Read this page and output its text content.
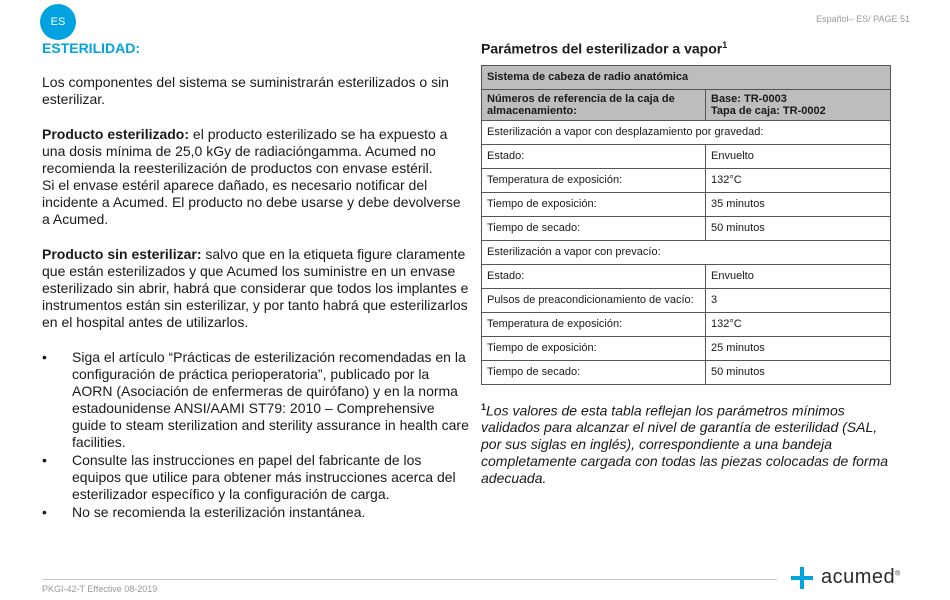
ES	Español– ES/ PAGE 51
ESTERILIDAD:
Los componentes del sistema se suministrarán esterilizados o sin esterilizar.
Producto esterilizado: el producto esterilizado se ha expuesto a una dosis mínima de 25,0 kGy de radiacióngamma. Acumed no recomienda la reesterilización de productos con envase estéril.
Si el envase estéril aparece dañado, es necesario notificar del incidente a Acumed. El producto no debe usarse y debe devolverse a Acumed.
Producto sin esterilizar: salvo que en la etiqueta figure claramente que están esterilizados y que Acumed los suministre en un envase esterilizado sin abrir, habrá que considerar que todos los implantes e instrumentos están sin esterilizar, y por tanto habrá que esterilizarlos en el hospital antes de utilizarlos.
• Siga el artículo “Prácticas de esterilización recomendadas en la configuración de práctica perioperatoria”, publicado por la AORN (Asociación de enfermeras de quirófano) y en la norma estadounidense ANSI/AAMI ST79: 2010 – Comprehensive guide to steam sterilization and sterility assurance in health care facilities.
• Consulte las instrucciones en papel del fabricante de los equipos que utilice para obtener más instrucciones acerca del esterilizador específico y la configuración de carga.
• No se recomienda la esterilización instantánea.
Parámetros del esterilizador a vapor$^1$
Sistema de cabeza de radio anatómica	
Números de referencia de la caja de almacenamiento:	Base: TR-0003
Tapa de caja: TR-0002
Esterilización a vapor con desplazamiento por gravedad:	
Estado:	Envuelto
Temperatura de exposición:	132°C
Tiempo de exposición:	35 minutos
Tiempo de secado:	50 minutos
Esterilización a vapor con prevacío:	
Estado:	Envuelto
Pulsos de preacondicionamiento de vacío:	3
Temperatura de exposición:	132°C
Tiempo de exposición:	25 minutos
Tiempo de secado:	50 minutos
$^1$Los valores de esta tabla reflejan los parámetros mínimos validados para alcanzar el nivel de garantía de esterilidad (SAL, por sus siglas en inglés), correspondiente a una bandeja completamente cargada con todas las piezas colocadas de forma adecuada.
PKGI-42-T Effective 08-2019
acumed®
